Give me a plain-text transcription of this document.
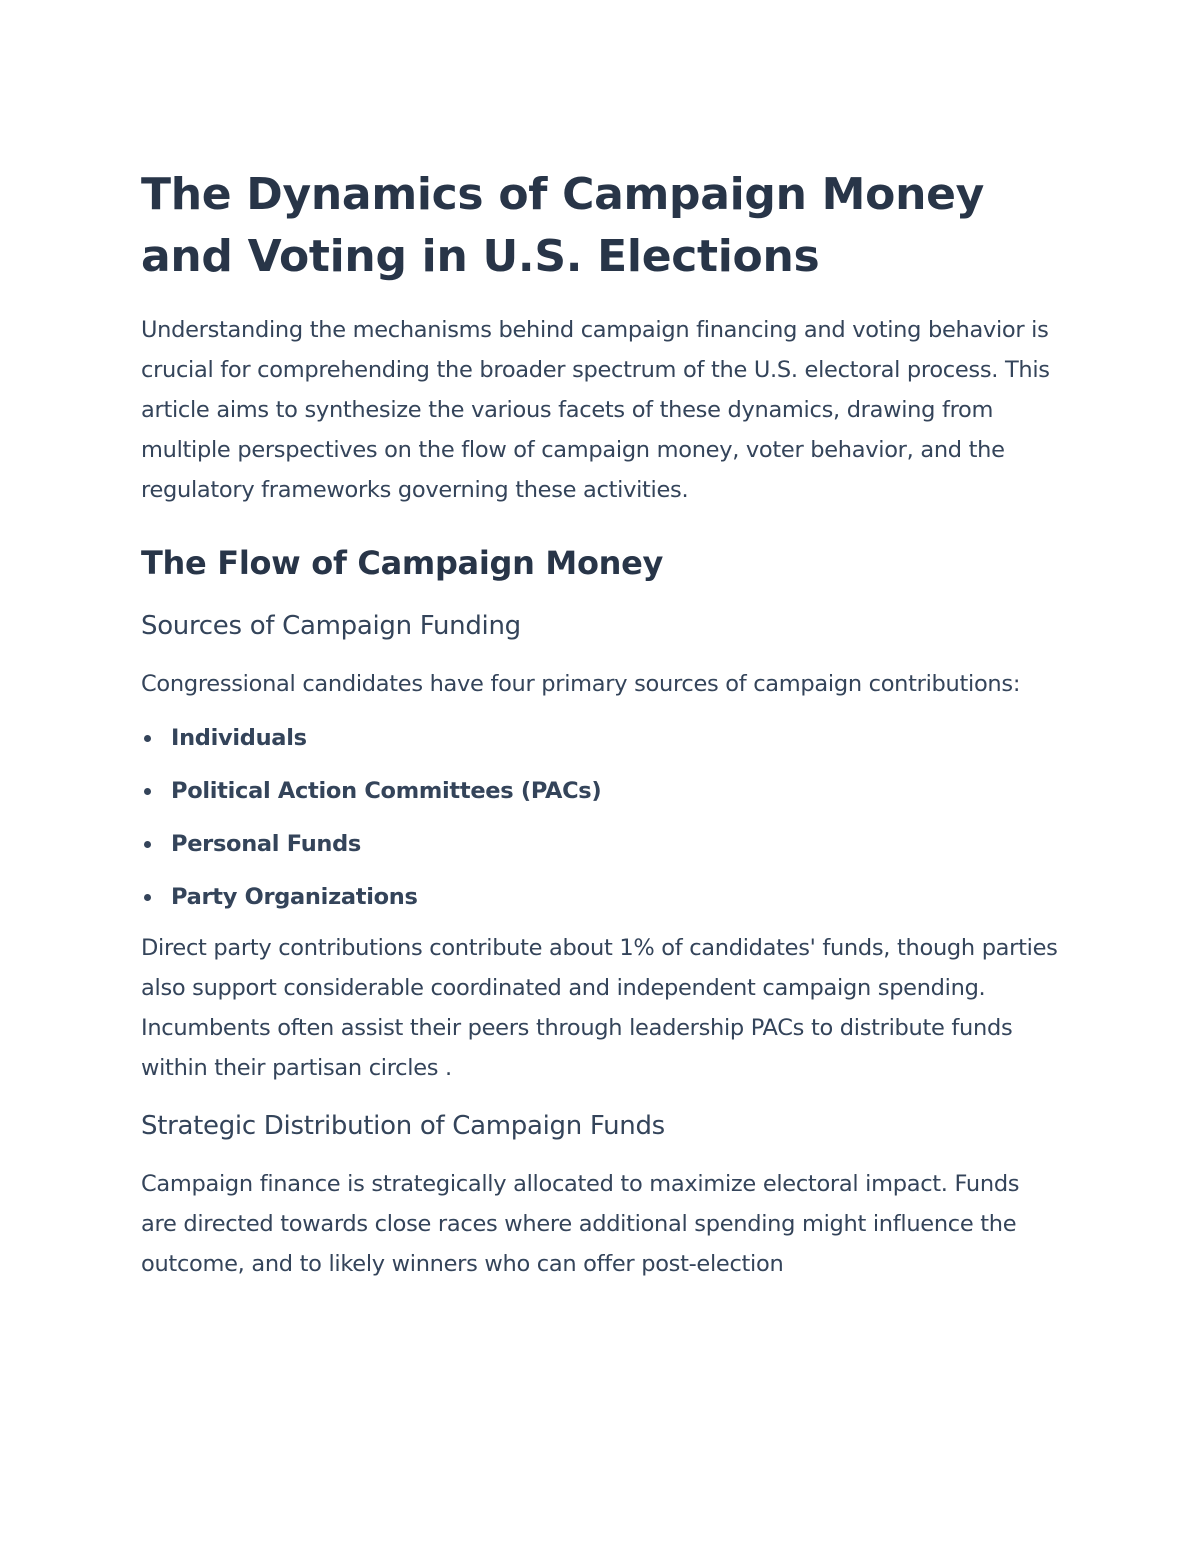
The Dynamics of Campaign Money and Voting in U.S. Elections

Understanding the mechanisms behind campaign financing and voting behavior is crucial for comprehending the broader spectrum of the U.S. electoral process. This article aims to synthesize the various facets of these dynamics, drawing from multiple perspectives on the flow of campaign money, voter behavior, and the regulatory frameworks governing these activities.

The Flow of Campaign Money
Sources of Campaign Funding

Congressional candidates have four primary sources of campaign contributions:

Individuals
Political Action Committees (PACs)
Personal Funds
Party Organizations

Direct party contributions contribute about 1% of candidates' funds, though parties also support considerable coordinated and independent campaign spending. Incumbents often assist their peers through leadership PACs to distribute funds within their partisan circles .

Strategic Distribution of Campaign Funds

Campaign finance is strategically allocated to maximize electoral impact. Funds are directed towards close races where additional spending might influence the outcome, and to likely winners who can offer post-election
